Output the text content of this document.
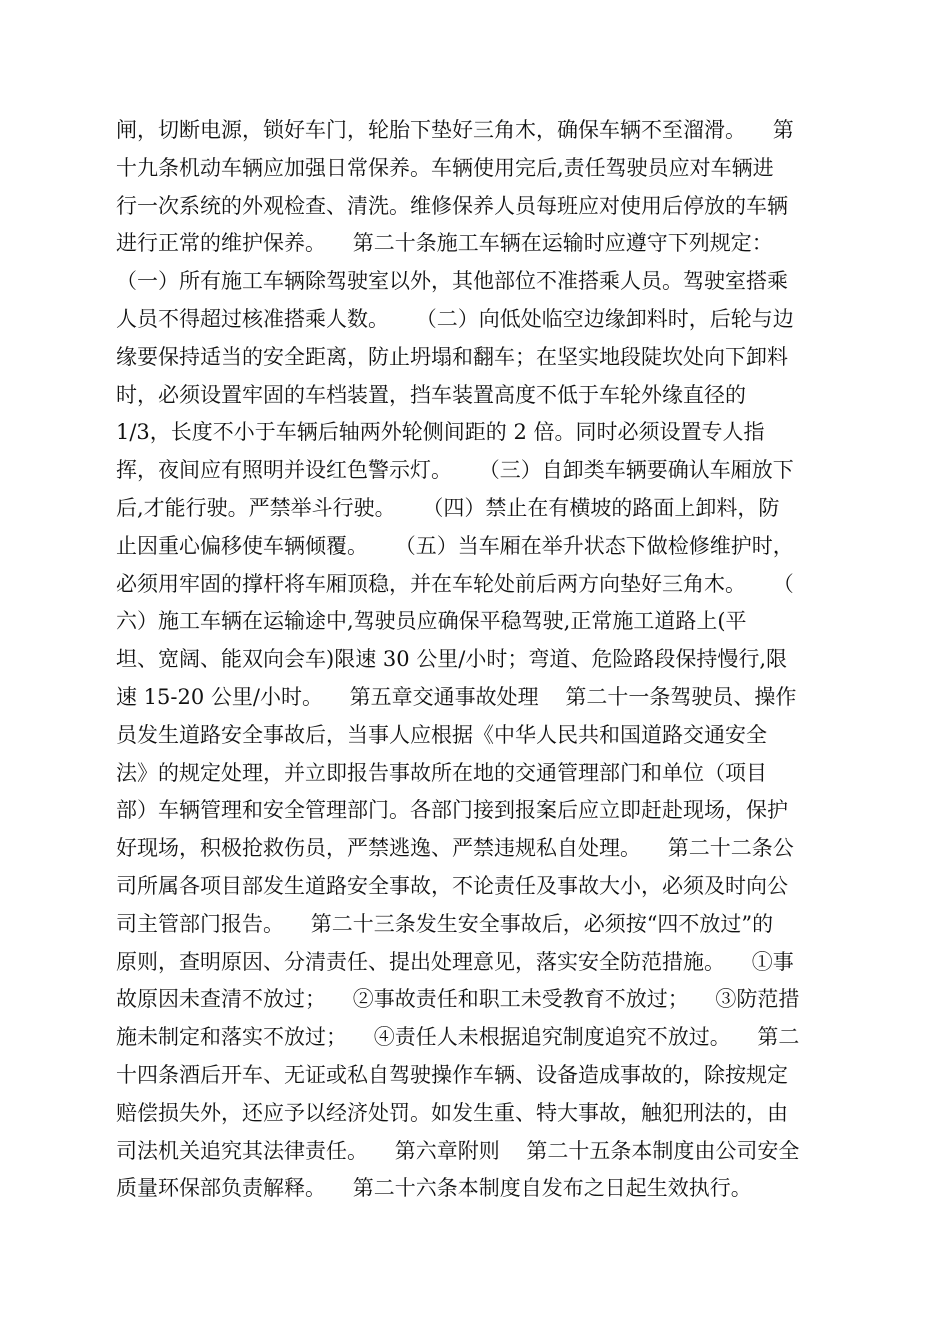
闸，切断电源，锁好车门，轮胎下垫好三角木，确保车辆不至溜滑。    第
十九条机动车辆应加强日常保养。车辆使用完后,责任驾驶员应对车辆进
行一次系统的外观检查、清洗。维修保养人员每班应对使用后停放的车辆
进行正常的维护保养。    第二十条施工车辆在运输时应遵守下列规定：
（一）所有施工车辆除驾驶室以外，其他部位不准搭乘人员。驾驶室搭乘
人员不得超过核准搭乘人数。    （二）向低处临空边缘卸料时，后轮与边
缘要保持适当的安全距离，防止坍塌和翻车；在坚实地段陡坎处向下卸料
时，必须设置牢固的车档装置，挡车装置高度不低于车轮外缘直径的
1/3，长度不小于车辆后轴两外轮侧间距的 2 倍。同时必须设置专人指
挥，夜间应有照明并设红色警示灯。    （三）自卸类车辆要确认车厢放下
后,才能行驶。严禁举斗行驶。    （四）禁止在有横坡的路面上卸料，防
止因重心偏移使车辆倾覆。    （五）当车厢在举升状态下做检修维护时，
必须用牢固的撑杆将车厢顶稳，并在车轮处前后两方向垫好三角木。    （
六）施工车辆在运输途中,驾驶员应确保平稳驾驶,正常施工道路上(平
坦、宽阔、能双向会车)限速 30 公里/小时；弯道、危险路段保持慢行,限
速 15-20 公里/小时。    第五章交通事故处理    第二十一条驾驶员、操作
员发生道路安全事故后，当事人应根据《中华人民共和国道路交通安全
法》的规定处理，并立即报告事故所在地的交通管理部门和单位（项目
部）车辆管理和安全管理部门。各部门接到报案后应立即赶赴现场，保护
好现场，积极抢救伤员，严禁逃逸、严禁违规私自处理。    第二十二条公
司所属各项目部发生道路安全事故，不论责任及事故大小，必须及时向公
司主管部门报告。    第二十三条发生安全事故后，必须按“四不放过”的
原则，查明原因、分清责任、提出处理意见，落实安全防范措施。    ①事
故原因未查清不放过；    ②事故责任和职工未受教育不放过；    ③防范措
施未制定和落实不放过；    ④责任人未根据追究制度追究不放过。    第二
十四条酒后开车、无证或私自驾驶操作车辆、设备造成事故的，除按规定
赔偿损失外，还应予以经济处罚。如发生重、特大事故，触犯刑法的，由
司法机关追究其法律责任。    第六章附则    第二十五条本制度由公司安全
质量环保部负责解释。    第二十六条本制度自发布之日起生效执行。
